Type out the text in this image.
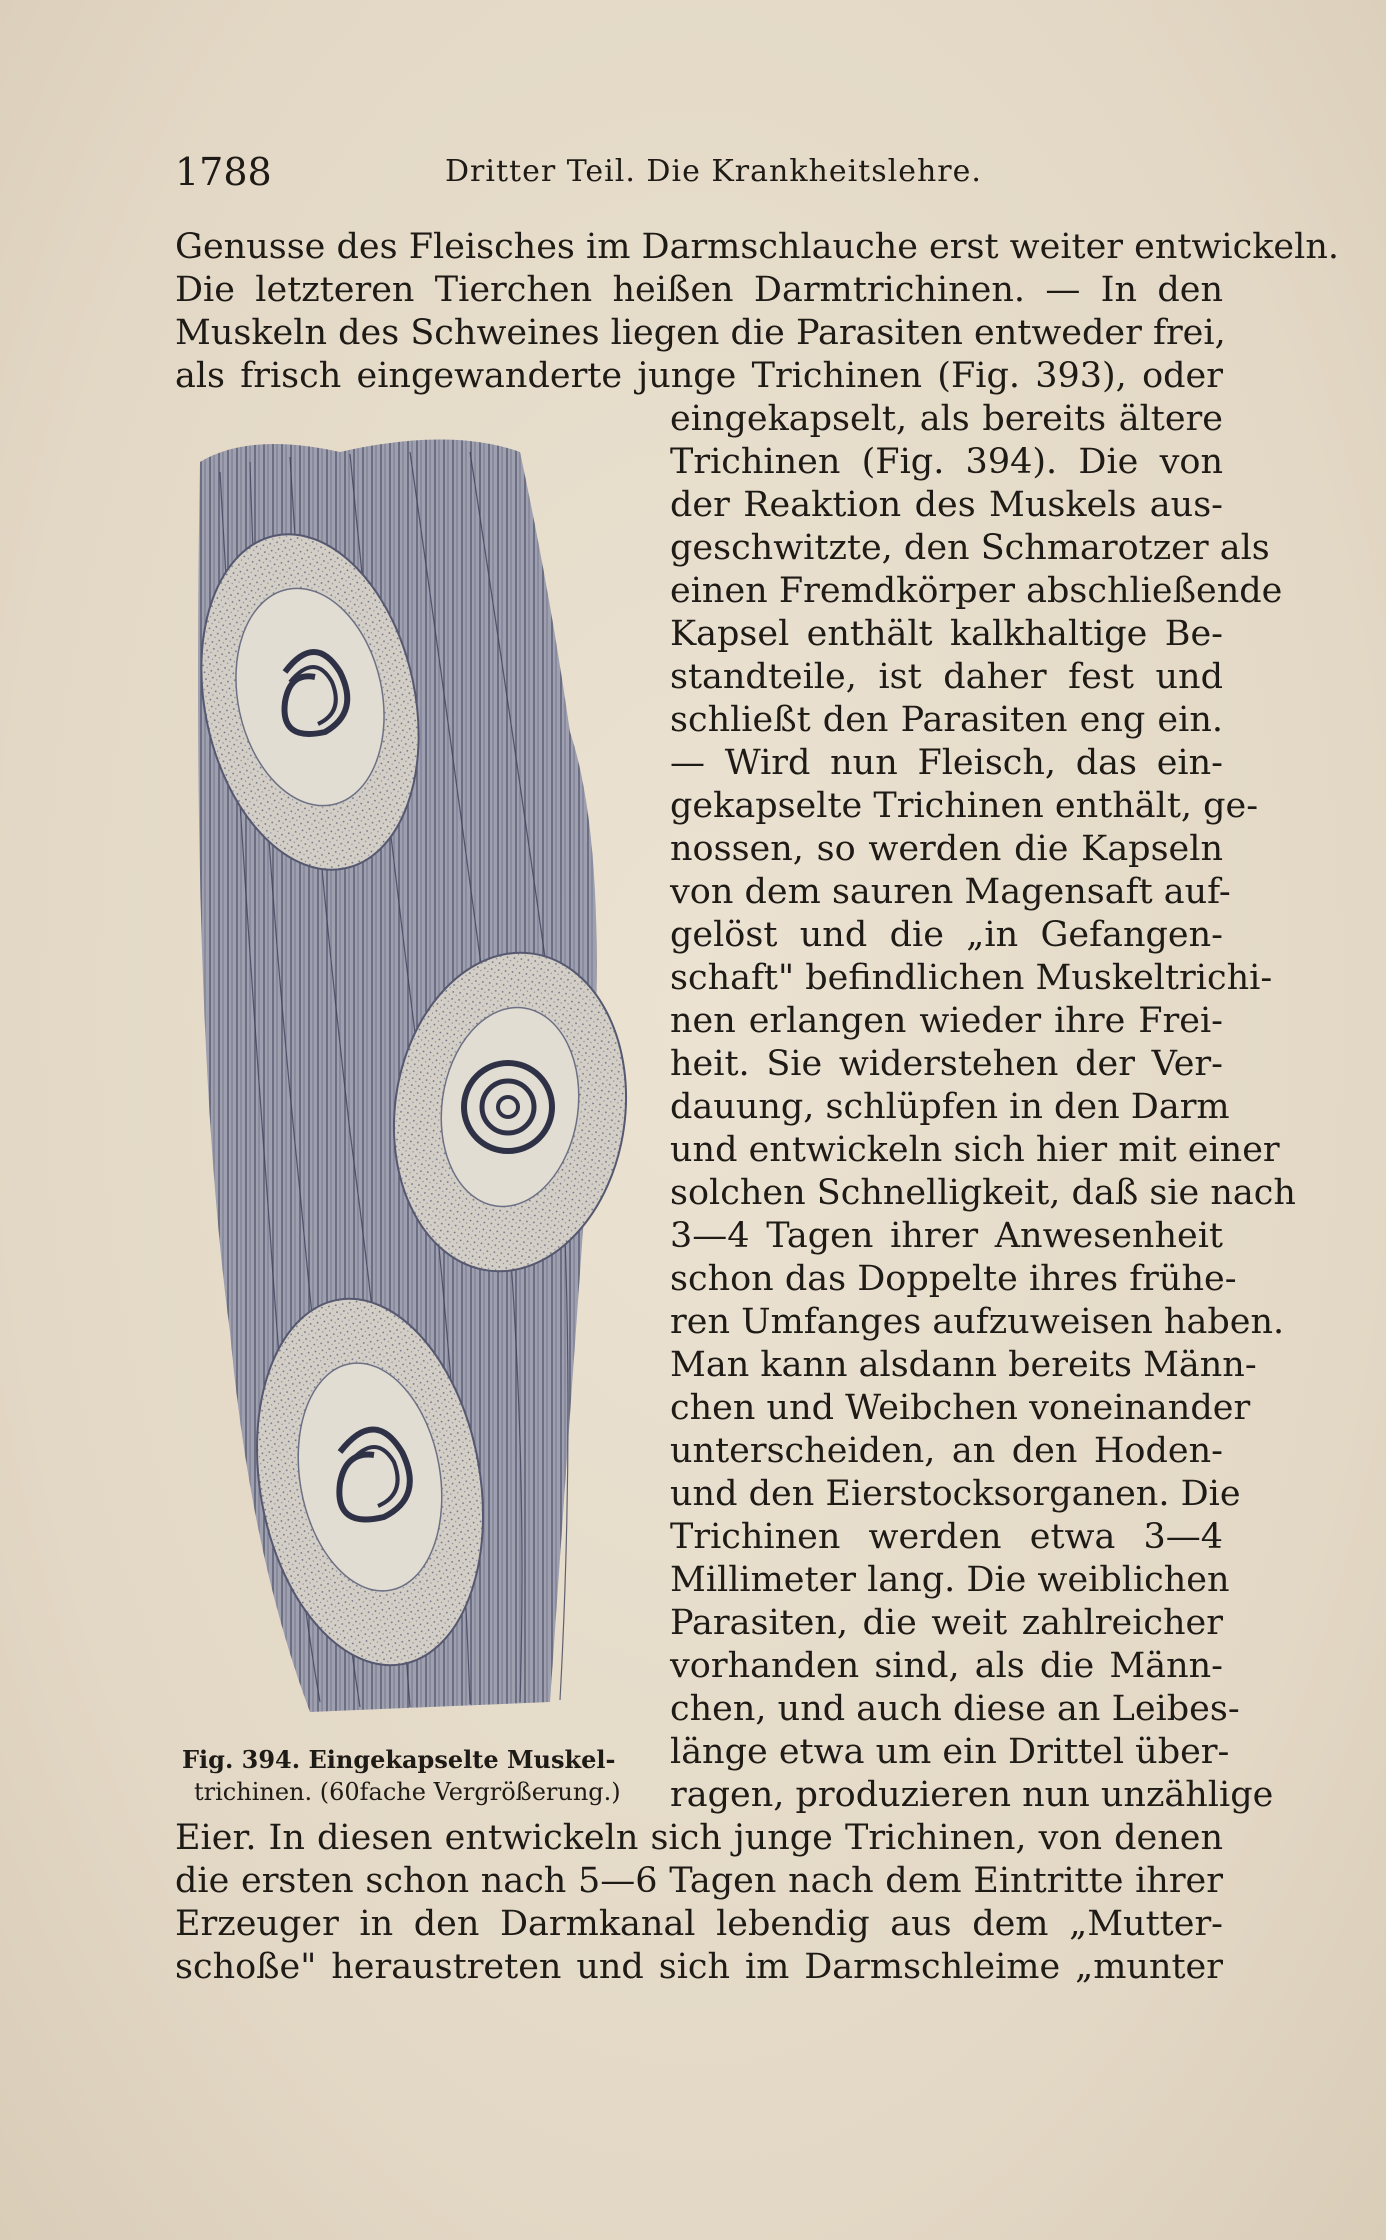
1788	Dritter Teil. Die Krankheitslehre.
Genusse des Fleisches im Darmschlauche erst weiter entwickeln.
Die letzteren Tierchen heißen Darmtrichinen. — In den
Muskeln des Schweines liegen die Parasiten entweder frei,
als frisch eingewanderte junge Trichinen (Fig. 393), oder
eingekapselt, als bereits ältere
Trichinen (Fig. 394). Die von
der Reaktion des Muskels aus-
geschwitzte, den Schmarotzer als
einen Fremdkörper abschließende
Kapsel enthält kalkhaltige Be-
standteile, ist daher fest und
schließt den Parasiten eng ein.
— Wird nun Fleisch, das ein-
gekapselte Trichinen enthält, ge-
nossen, so werden die Kapseln
von dem sauren Magensaft auf-
gelöst und die „in Gefangen-
schaft" befindlichen Muskeltrichi-
nen erlangen wieder ihre Frei-
heit. Sie widerstehen der Ver-
dauung, schlüpfen in den Darm
und entwickeln sich hier mit einer
solchen Schnelligkeit, daß sie nach
3—4 Tagen ihrer Anwesenheit
schon das Doppelte ihres frühe-
ren Umfanges aufzuweisen haben.
Man kann alsdann bereits Männ-
chen und Weibchen voneinander
unterscheiden, an den Hoden-
und den Eierstocksorganen. Die
Trichinen werden etwa 3—4
Millimeter lang. Die weiblichen
Parasiten, die weit zahlreicher
vorhanden sind, als die Männ-
chen, und auch diese an Leibes-
länge etwa um ein Drittel über-
ragen, produzieren nun unzählige
Eier. In diesen entwickeln sich junge Trichinen, von denen
die ersten schon nach 5—6 Tagen nach dem Eintritte ihrer
Erzeuger in den Darmkanal lebendig aus dem „Mutter-
schoße" heraustreten und sich im Darmschleime „munter
Fig. 394. Eingekapselte Muskel-
trichinen. (60fache Vergrößerung.)
